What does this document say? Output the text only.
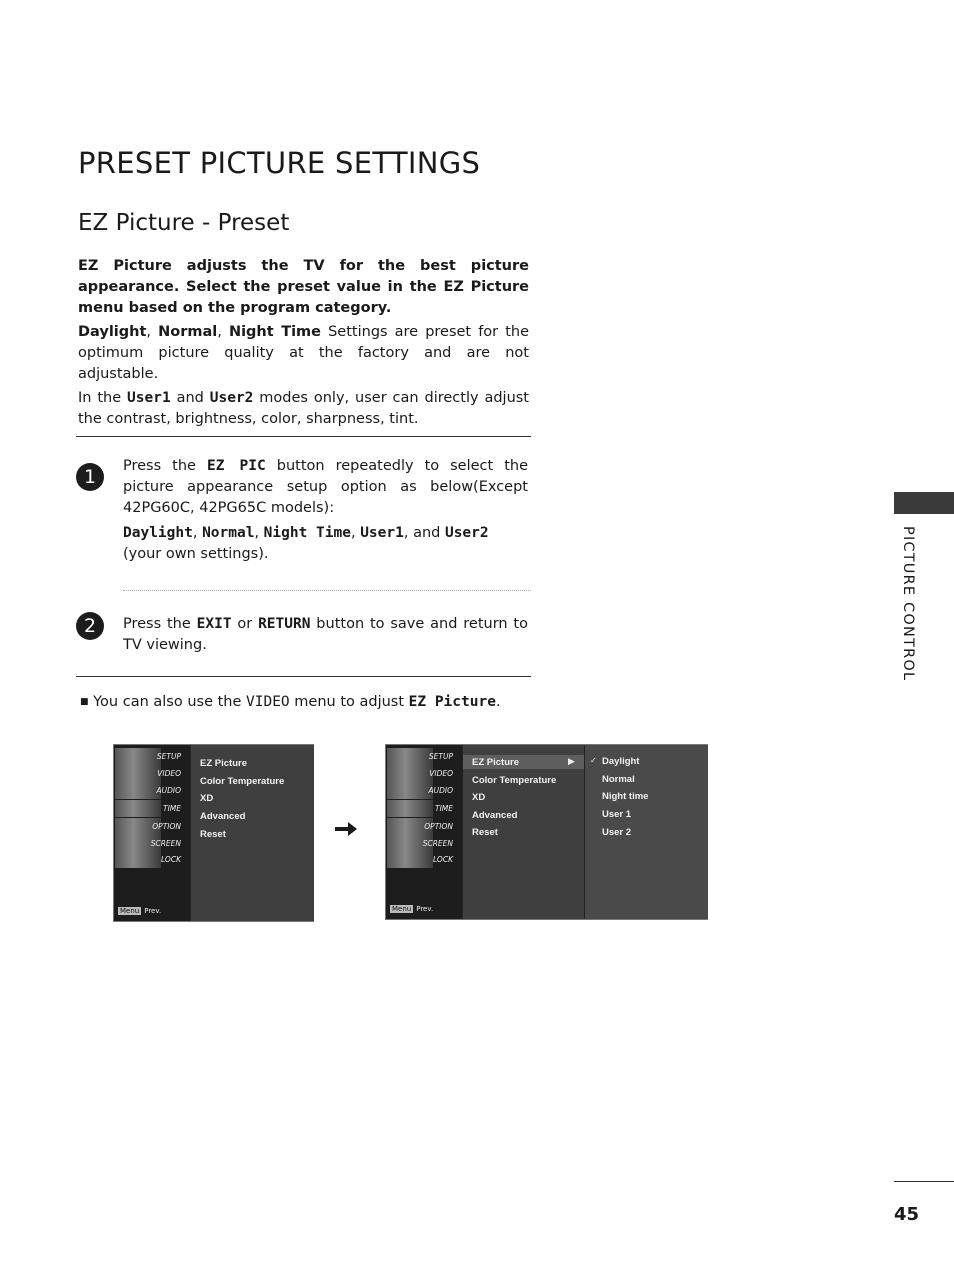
PRESET PICTURE SETTINGS
EZ Picture - Preset

EZ Picture adjusts the TV for the best picture appearance. Select the preset value in the EZ Picture menu based on the program category.

Daylight, Normal, Night Time Settings are preset for the optimum picture quality at the factory and are not adjustable.

In the User1 and User2 modes only, user can directly adjust the contrast, brightness, color, sharpness, tint.

1	Press the EZ PIC button repeatedly to select the picture appearance setup option as below(Except 42PG60C, 42PG65C models):

Daylight, Normal, Night Time, User1, and User2
(your own settings).

2	Press the EXIT or RETURN button to save and return to TV viewing.

■ You can also use the VIDEO menu to adjust EZ Picture.
SETUP
VIDEO
AUDIO
TIME
OPTION
SCREEN
LOCK
Menu Prev.
EZ Picture
Color Temperature
XD
Advanced
Reset
SETUP
VIDEO
AUDIO
TIME
OPTION
SCREEN
LOCK
Menu Prev.
EZ Picture	▶
Color Temperature
XD
Advanced
Reset
✓ Daylight
Normal
Night time
User 1
User 2
PICTURE CONTROL
45
